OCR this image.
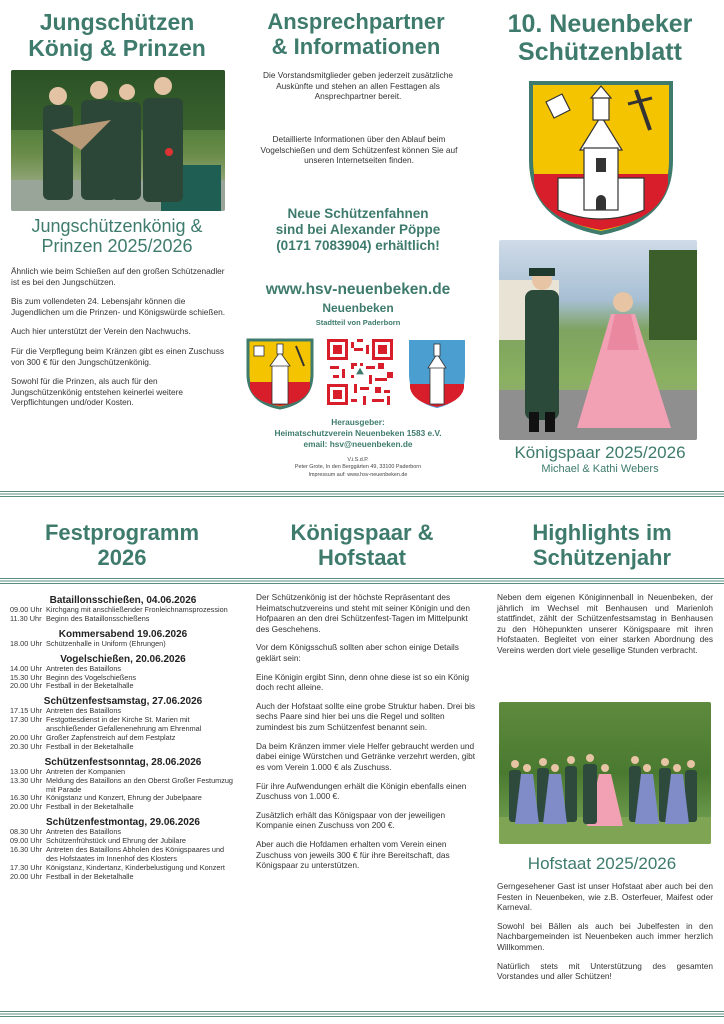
Jungschützen
König & Prinzen
Jungschützenkönig &
Prinzen 2025/2026

Ähnlich wie beim Schießen auf den großen Schützenadler ist es bei den Jungschützen.

Bis zum vollendeten 24. Lebensjahr können die Jugendlichen um die Prinzen- und Königswürde schießen.

Auch hier unterstützt der Verein den Nachwuchs.

Für die Verpflegung beim Kränzen gibt es einen Zuschuss von 300 € für den Jungschützenkönig.

Sowohl für die Prinzen, als auch für den Jungschützenkönig entstehen keinerlei weitere Verpflichtungen und/oder Kosten.

Ansprechpartner
& Informationen

Die Vorstandsmitglieder geben jederzeit zusätzliche Auskünfte und stehen an allen Festtagen als Ansprechpartner bereit.

Detaillierte Informationen über den Ablauf beim Vogelschießen und dem Schützenfest können Sie auf unseren Internetseiten finden.

Neue Schützenfahnen
sind bei Alexander Pöppe
(0171 7083904) erhältlich!
www.hsv-neuenbeken.de
Neuenbeken
Stadtteil von Paderborn
Herausgeber:
Heimatschutzverein Neuenbeken 1583 e.V.
email: hsv@neuenbeken.de
V.i.S.d.P.
Peter Grote, In den Berggärten 49, 33100 Paderborn
Impressum auf: www.hsv-neuenbeken.de
10. Neuenbeker
Schützenblatt
Königspaar 2025/2026
Michael & Kathi Webers
Festprogramm
2026
Königspaar &
Hofstaat
Highlights im
Schützenjahr
Bataillonsschießen, 04.06.2026
09.00 Uhr Kirchgang mit anschließender Fronleichnamsprozession
11.30 Uhr Beginn des Bataillonsschießens
Kommersabend 19.06.2026
18.00 Uhr Schützenhalle in Uniform (Ehrungen)
Vogelschießen, 20.06.2026
14.00 Uhr Antreten des Bataillons
15.30 Uhr Beginn des Vogelschießens
20.00 Uhr Festball in der Beketalhalle
Schützenfestsamstag, 27.06.2026
17.15 Uhr Antreten des Bataillons
17.30 Uhr Festgottesdienst in der Kirche St. Marien mit anschließender Gefallenenehrung am Ehrenmal
20.00 Uhr Großer Zapfenstreich auf dem Festplatz
20.30 Uhr Festball in der Beketalhalle
Schützenfestsonntag, 28.06.2026
13.00 Uhr Antreten der Kompanien
13.30 Uhr Meldung des Bataillons an den Oberst Großer Festumzug mit Parade
16.30 Uhr Königstanz und Konzert, Ehrung der Jubelpaare
20.00 Uhr Festball in der Beketalhalle
Schützenfestmontag, 29.06.2026
08.30 Uhr Antreten des Bataillons
09.00 Uhr Schützenfrühstück und Ehrung der Jubilare
16.30 Uhr Antreten des Bataillons Abholen des Königspaares und des Hofstaates im Innenhof des Klosters
17.30 Uhr Königstanz, Kindertanz, Kinderbelustigung und Konzert
20.00 Uhr Festball in der Beketalhalle

Der Schützenkönig ist der höchste Repräsentant des Heimatschutzvereins und steht mit seiner Königin und den Hofpaaren an den drei Schützenfest-Tagen im Mittelpunkt des Geschehens.

Vor dem Königsschuß sollten aber schon einige Details geklärt sein:

Eine Königin ergibt Sinn, denn ohne diese ist so ein König doch recht alleine.

Auch der Hofstaat sollte eine grobe Struktur haben. Drei bis sechs Paare sind hier bei uns die Regel und sollten zumindest bis zum Schützenfest benannt sein.

Da beim Kränzen immer viele Helfer gebraucht werden und dabei einige Würstchen und Getränke verzehrt werden, gibt es vom Verein 1.000 € als Zuschuss.

Für ihre Aufwendungen erhält die Königin ebenfalls einen Zuschuss von 1.000 €.

Zusätzlich erhält das Königspaar von der jeweiligen Kompanie einen Zuschuss von 200 €.

Aber auch die Hofdamen erhalten vom Verein einen Zuschuss von jeweils 300 € für ihre Bereitschaft, das Königspaar zu unterstützen.

Neben dem eigenen Königinnenball in Neuenbeken, der jährlich im Wechsel mit Benhausen und Marienloh stattfindet, zählt der Schützenfestsamstag in Benhausen zu den Höhepunkten unserer Königspaare mit ihren Hofstaaten. Begleitet von einer starken Abordnung des Vereins werden dort viele gesellige Stunden verbracht.

Hofstaat 2025/2026

Gerngesehener Gast ist unser Hofstaat aber auch bei den Festen in Neuenbeken, wie z.B. Osterfeuer, Maifest oder Karneval.

Sowohl bei Bällen als auch bei Jubelfesten in den Nachbargemeinden ist Neuenbeken auch immer herzlich Willkommen.

Natürlich stets mit Unterstützung des gesamten Vorstandes und aller Schützen!
